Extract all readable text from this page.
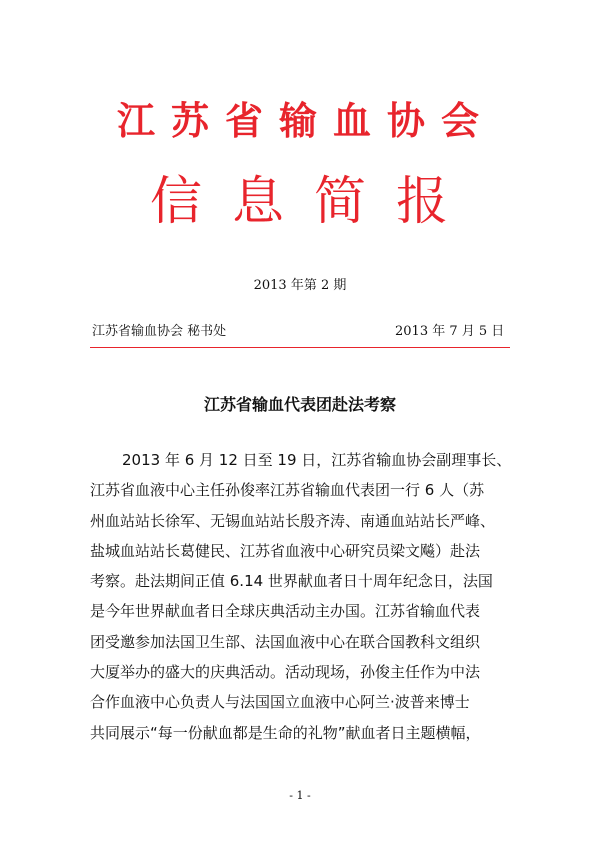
江苏省输血协会
信息简报
2013 年第 2 期
江苏省输血协会 秘书处	2013 年 7 月 5 日
江苏省输血代表团赴法考察
2013 年 6 月 12 日至 19 日，江苏省输血协会副理事长、
江苏省血液中心主任孙俊率江苏省输血代表团一行 6 人（苏
州血站站长徐军、无锡血站站长殷齐涛、南通血站站长严峰、
盐城血站站长葛健民、江苏省血液中心研究员梁文飚）赴法
考察。赴法期间正值 6.14 世界献血者日十周年纪念日，法国
是今年世界献血者日全球庆典活动主办国。江苏省输血代表
团受邀参加法国卫生部、法国血液中心在联合国教科文组织
大厦举办的盛大的庆典活动。活动现场，孙俊主任作为中法
合作血液中心负责人与法国国立血液中心阿兰·波普来博士
共同展示“每一份献血都是生命的礼物”献血者日主题横幅，
- 1 -
